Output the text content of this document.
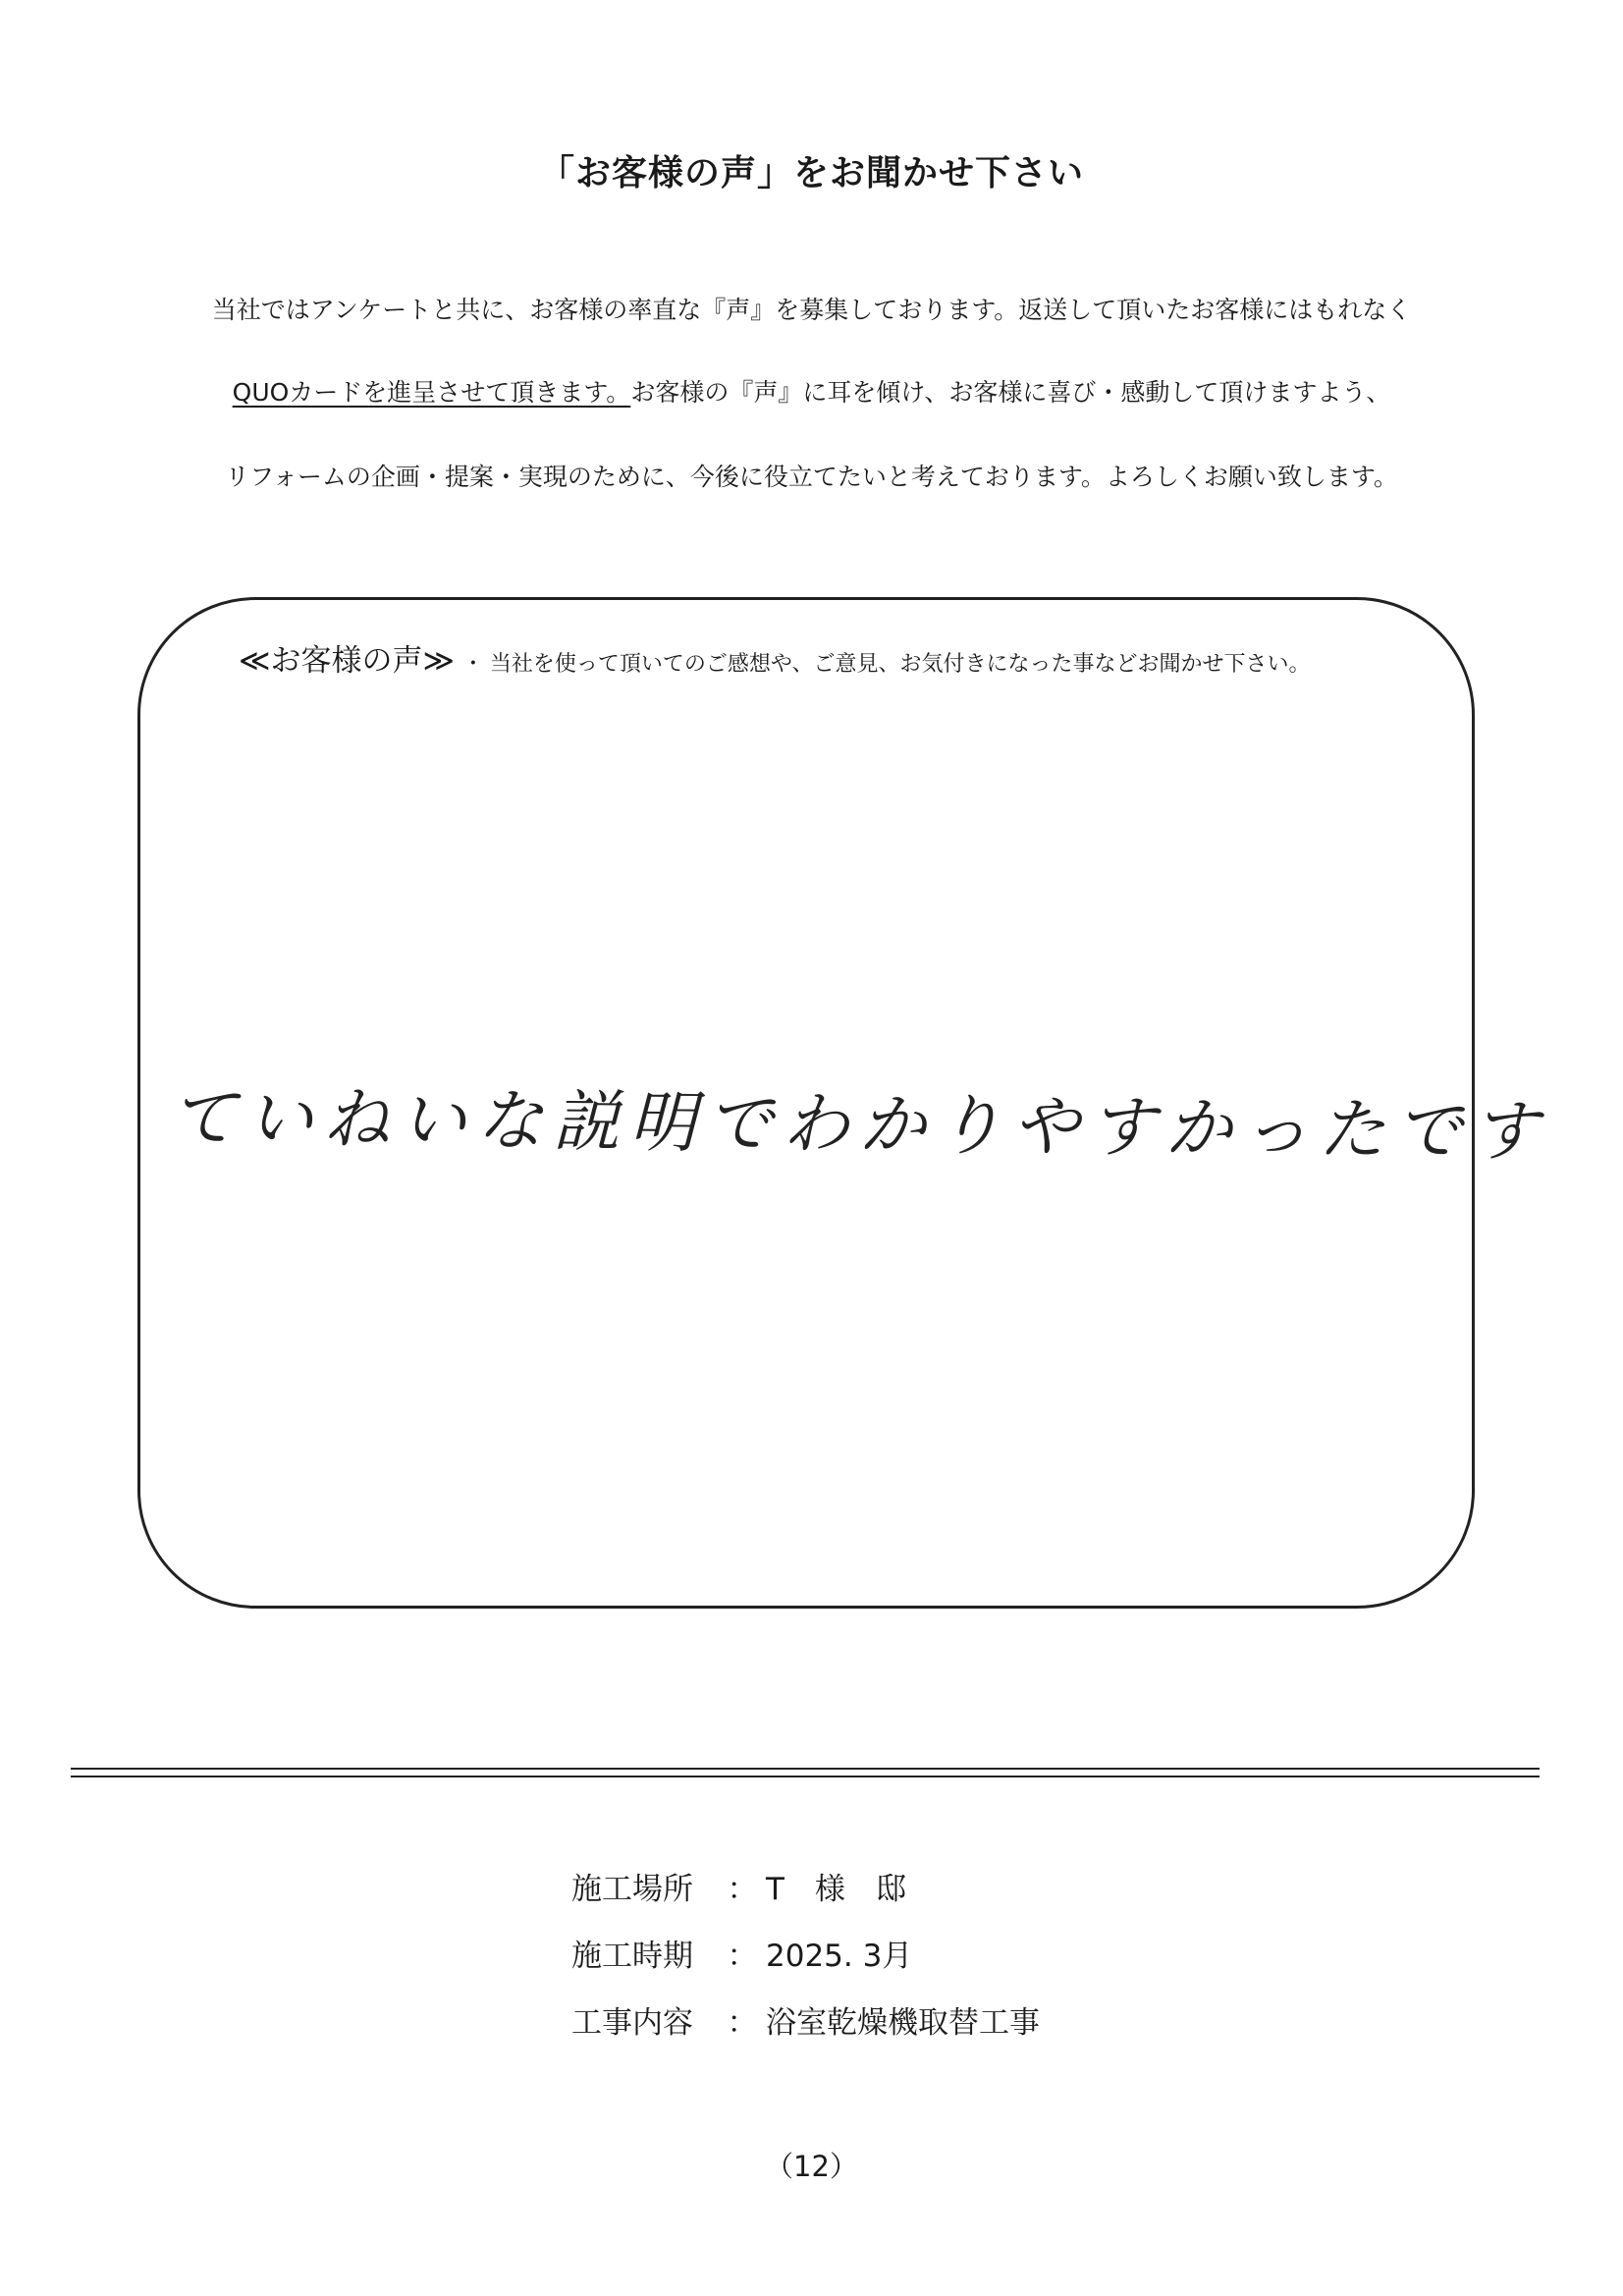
「お客様の声」をお聞かせ下さい
当社ではアンケートと共に、お客様の率直な『声』を募集しております。返送して頂いたお客様にはもれなく
QUOカードを進呈させて頂きます。お客様の『声』に耳を傾け、お客様に喜び・感動して頂けますよう、
リフォームの企画・提案・実現のために、今後に役立てたいと考えております。よろしくお願い致します。
≪お客様の声≫ ・ 当社を使って頂いてのご感想や、ご意見、お気付きになった事などお聞かせ下さい。
ていねいな説明でわかりやすかったです
施工場所 ： T　様　邸
施工時期 ： 2025. 3月
工事内容 ： 浴室乾燥機取替工事
（12）
